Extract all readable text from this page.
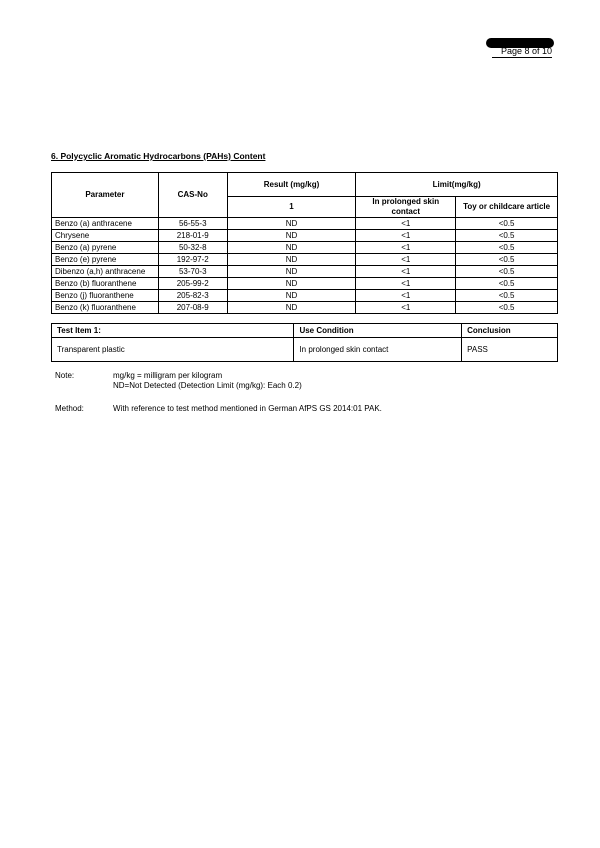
Page 8 of 10
6. Polycyclic Aromatic Hydrocarbons (PAHs) Content
Parameter	CAS-No	Result (mg/kg)	Limit(mg/kg)	
		1	In prolonged skin contact	Toy or childcare article
Benzo (a) anthracene	56-55-3	ND	<1	<0.5
Chrysene	218-01-9	ND	<1	<0.5
Benzo (a) pyrene	50-32-8	ND	<1	<0.5
Benzo (e) pyrene	192-97-2	ND	<1	<0.5
Dibenzo (a,h) anthracene	53-70-3	ND	<1	<0.5
Benzo (b) fluoranthene	205-99-2	ND	<1	<0.5
Benzo (j) fluoranthene	205-82-3	ND	<1	<0.5
Benzo (k) fluoranthene	207-08-9	ND	<1	<0.5
Test Item 1:	Use Condition	Conclusion
Transparent plastic	In prolonged skin contact	PASS
Note:	mg/kg = milligram per kilogram
ND=Not Detected (Detection Limit (mg/kg): Each 0.2)
Method:	With reference to test method mentioned in German AfPS GS 2014:01 PAK.
